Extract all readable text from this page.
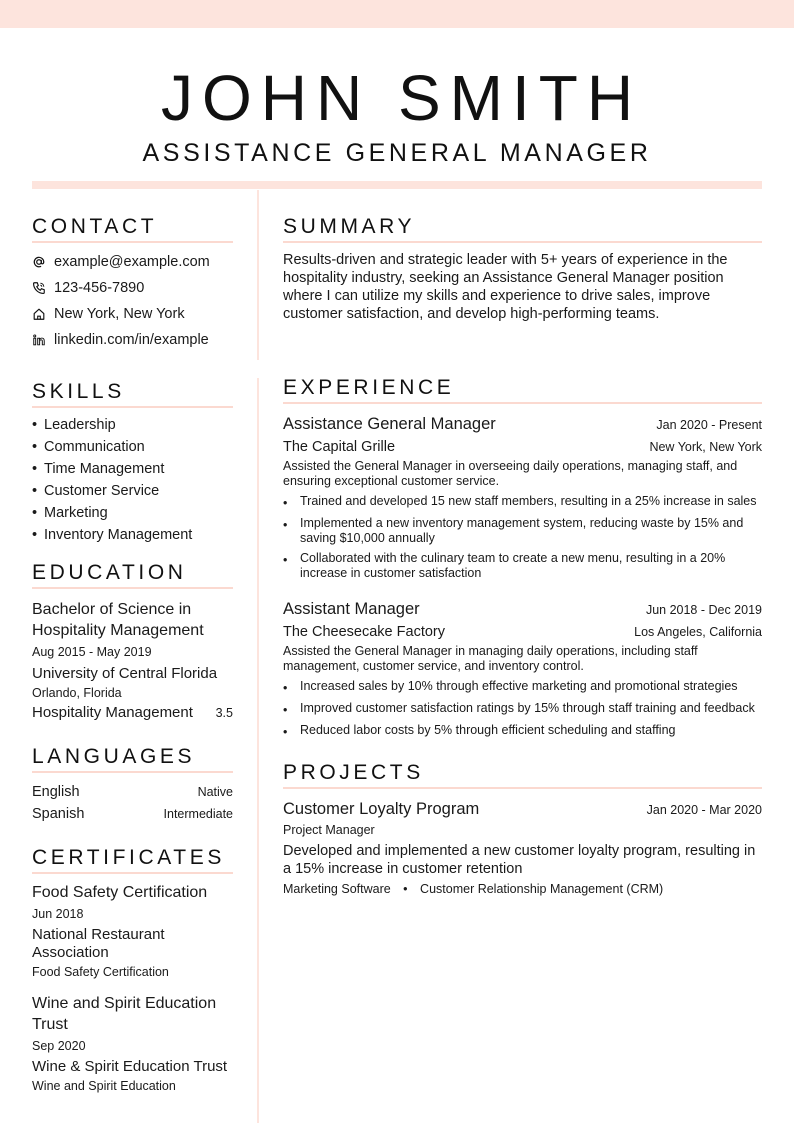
JOHN SMITH
ASSISTANCE GENERAL MANAGER
CONTACT
example@example.com
123-456-7890
New York, New York
linkedin.com/in/example
SKILLS
• Leadership
• Communication
• Time Management
• Customer Service
• Marketing
• Inventory Management
EDUCATION
Bachelor of Science in Hospitality Management
Aug 2015 - May 2019
University of Central Florida
Orlando, Florida
Hospitality Management 3.5
LANGUAGES
English	Native
Spanish	Intermediate
CERTIFICATES
Food Safety Certification
Jun 2018
National Restaurant Association
Food Safety Certification
Wine and Spirit Education Trust
Sep 2020
Wine & Spirit Education Trust
Wine and Spirit Education
SUMMARY
Results-driven and strategic leader with 5+ years of experience in the hospitality industry, seeking an Assistance General Manager position where I can utilize my skills and experience to drive sales, improve customer satisfaction, and develop high-performing teams.
EXPERIENCE
Assistance General Manager	Jan 2020 - Present
The Capital Grille	New York, New York
Assisted the General Manager in overseeing daily operations, managing staff, and ensuring exceptional customer service.
•	Trained and developed 15 new staff members, resulting in a 25% increase in sales
•	Implemented a new inventory management system, reducing waste by 15% and saving $10,000 annually
•	Collaborated with the culinary team to create a new menu, resulting in a 20% increase in customer satisfaction
Assistant Manager	Jun 2018 - Dec 2019
The Cheesecake Factory	Los Angeles, California
Assisted the General Manager in managing daily operations, including staff management, customer service, and inventory control.
•	Increased sales by 10% through effective marketing and promotional strategies
•	Improved customer satisfaction ratings by 15% through staff training and feedback
•	Reduced labor costs by 5% through efficient scheduling and staffing
PROJECTS
Customer Loyalty Program	Jan 2020 - Mar 2020
Project Manager
Developed and implemented a new customer loyalty program, resulting in a 15% increase in customer retention
Marketing Software • Customer Relationship Management (CRM)
